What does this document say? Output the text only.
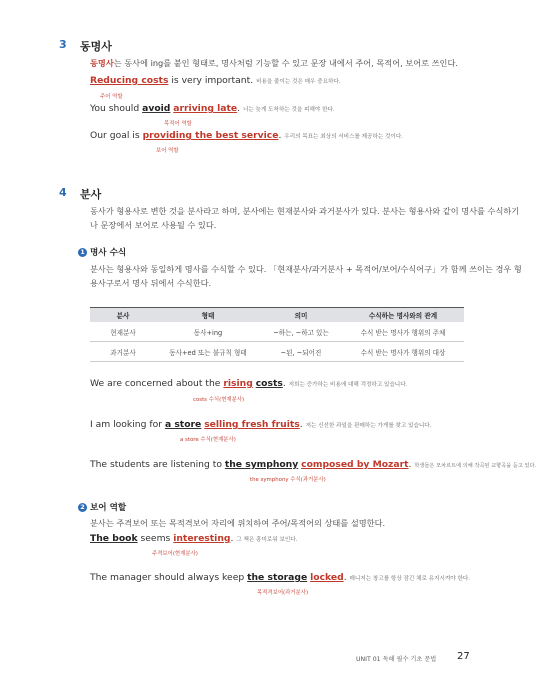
3 동명사
동명사는 동사에 ing를 붙인 형태로, 명사처럼 기능할 수 있고 문장 내에서 주어, 목적어, 보어로 쓰인다.
Reducing costs is very important. 비용을 줄이는 것은 매우 중요하다.
주어 역할
You should avoid arriving late. 너는 늦게 도착하는 것을 피해야 한다.
목적어 역할
Our goal is providing the best service. 우리의 목표는 최상의 서비스를 제공하는 것이다.
보어 역할
4 분사
동사가 형용사로 변한 것을 분사라고 하며, 분사에는 현재분사와 과거분사가 있다. 분사는 형용사와 같이 명사를 수식하기
나 문장에서 보어로 사용될 수 있다.
1 명사 수식
분사는 형용사와 동일하게 명사를 수식할 수 있다. 「현재분사/과거분사 + 목적어/보어/수식어구」가 함께 쓰이는 경우 형
용사구로서 명사 뒤에서 수식한다.
분사	형태	의미	수식하는 명사와의 관계
현재분사	동사+ing	~하는, ~하고 있는	수식 받는 명사가 행위의 주체
과거분사	동사+ed 또는 불규칙 형태	~된, ~되어진	수식 받는 명사가 행위의 대상
We are concerned about the rising costs. 저희는 증가하는 비용에 대해 걱정하고 있습니다.
costs 수식(현재분사)
I am looking for a store selling fresh fruits. 저는 신선한 과일을 판매하는 가게를 찾고 있습니다.
a store 수식(현재분사)
The students are listening to the symphony composed by Mozart. 학생들은 모차르트에 의해 작곡된 교향곡을 듣고 있다.
the symphony 수식(과거분사)
2 보어 역할
분사는 주격보어 또는 목적격보어 자리에 위치하여 주어/목적어의 상태를 설명한다.
The book seems interesting. 그 책은 흥미로워 보인다.
주격보어(현재분사)
The manager should always keep the storage locked. 매니저는 창고를 항상 잠긴 채로 유지시켜야 한다.
목적격보어(과거분사)
UNIT 01 독해 필수 기초 문법 27
